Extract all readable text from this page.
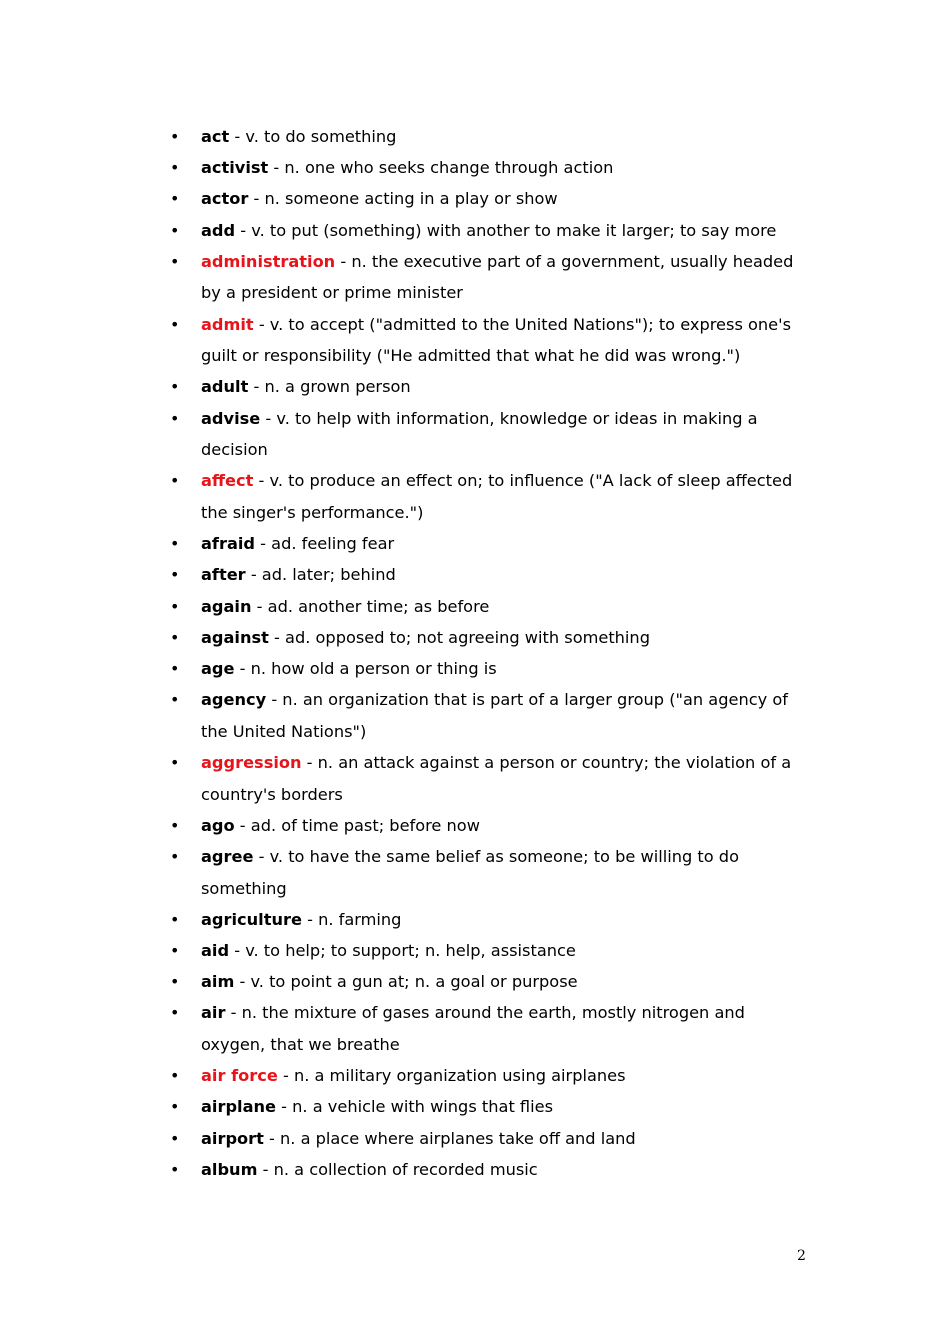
• act - v. to do something
• activist - n. one who seeks change through action
• actor - n. someone acting in a play or show
• add - v. to put (something) with another to make it larger; to say more
• administration - n. the executive part of a government, usually headed by a president or prime minister
• admit - v. to accept ("admitted to the United Nations"); to express one's guilt or responsibility ("He admitted that what he did was wrong.")
• adult - n. a grown person
• advise - v. to help with information, knowledge or ideas in making a decision
• affect - v. to produce an effect on; to influence ("A lack of sleep affected the singer's performance.")
• afraid - ad. feeling fear
• after - ad. later; behind
• again - ad. another time; as before
• against - ad. opposed to; not agreeing with something
• age - n. how old a person or thing is
• agency - n. an organization that is part of a larger group ("an agency of the United Nations")
• aggression - n. an attack against a person or country; the violation of a country's borders
• ago - ad. of time past; before now
• agree - v. to have the same belief as someone; to be willing to do something
• agriculture - n. farming
• aid - v. to help; to support; n. help, assistance
• aim - v. to point a gun at; n. a goal or purpose
• air - n. the mixture of gases around the earth, mostly nitrogen and oxygen, that we breathe
• air force - n. a military organization using airplanes
• airplane - n. a vehicle with wings that flies
• airport - n. a place where airplanes take off and land
• album - n. a collection of recorded music
2
